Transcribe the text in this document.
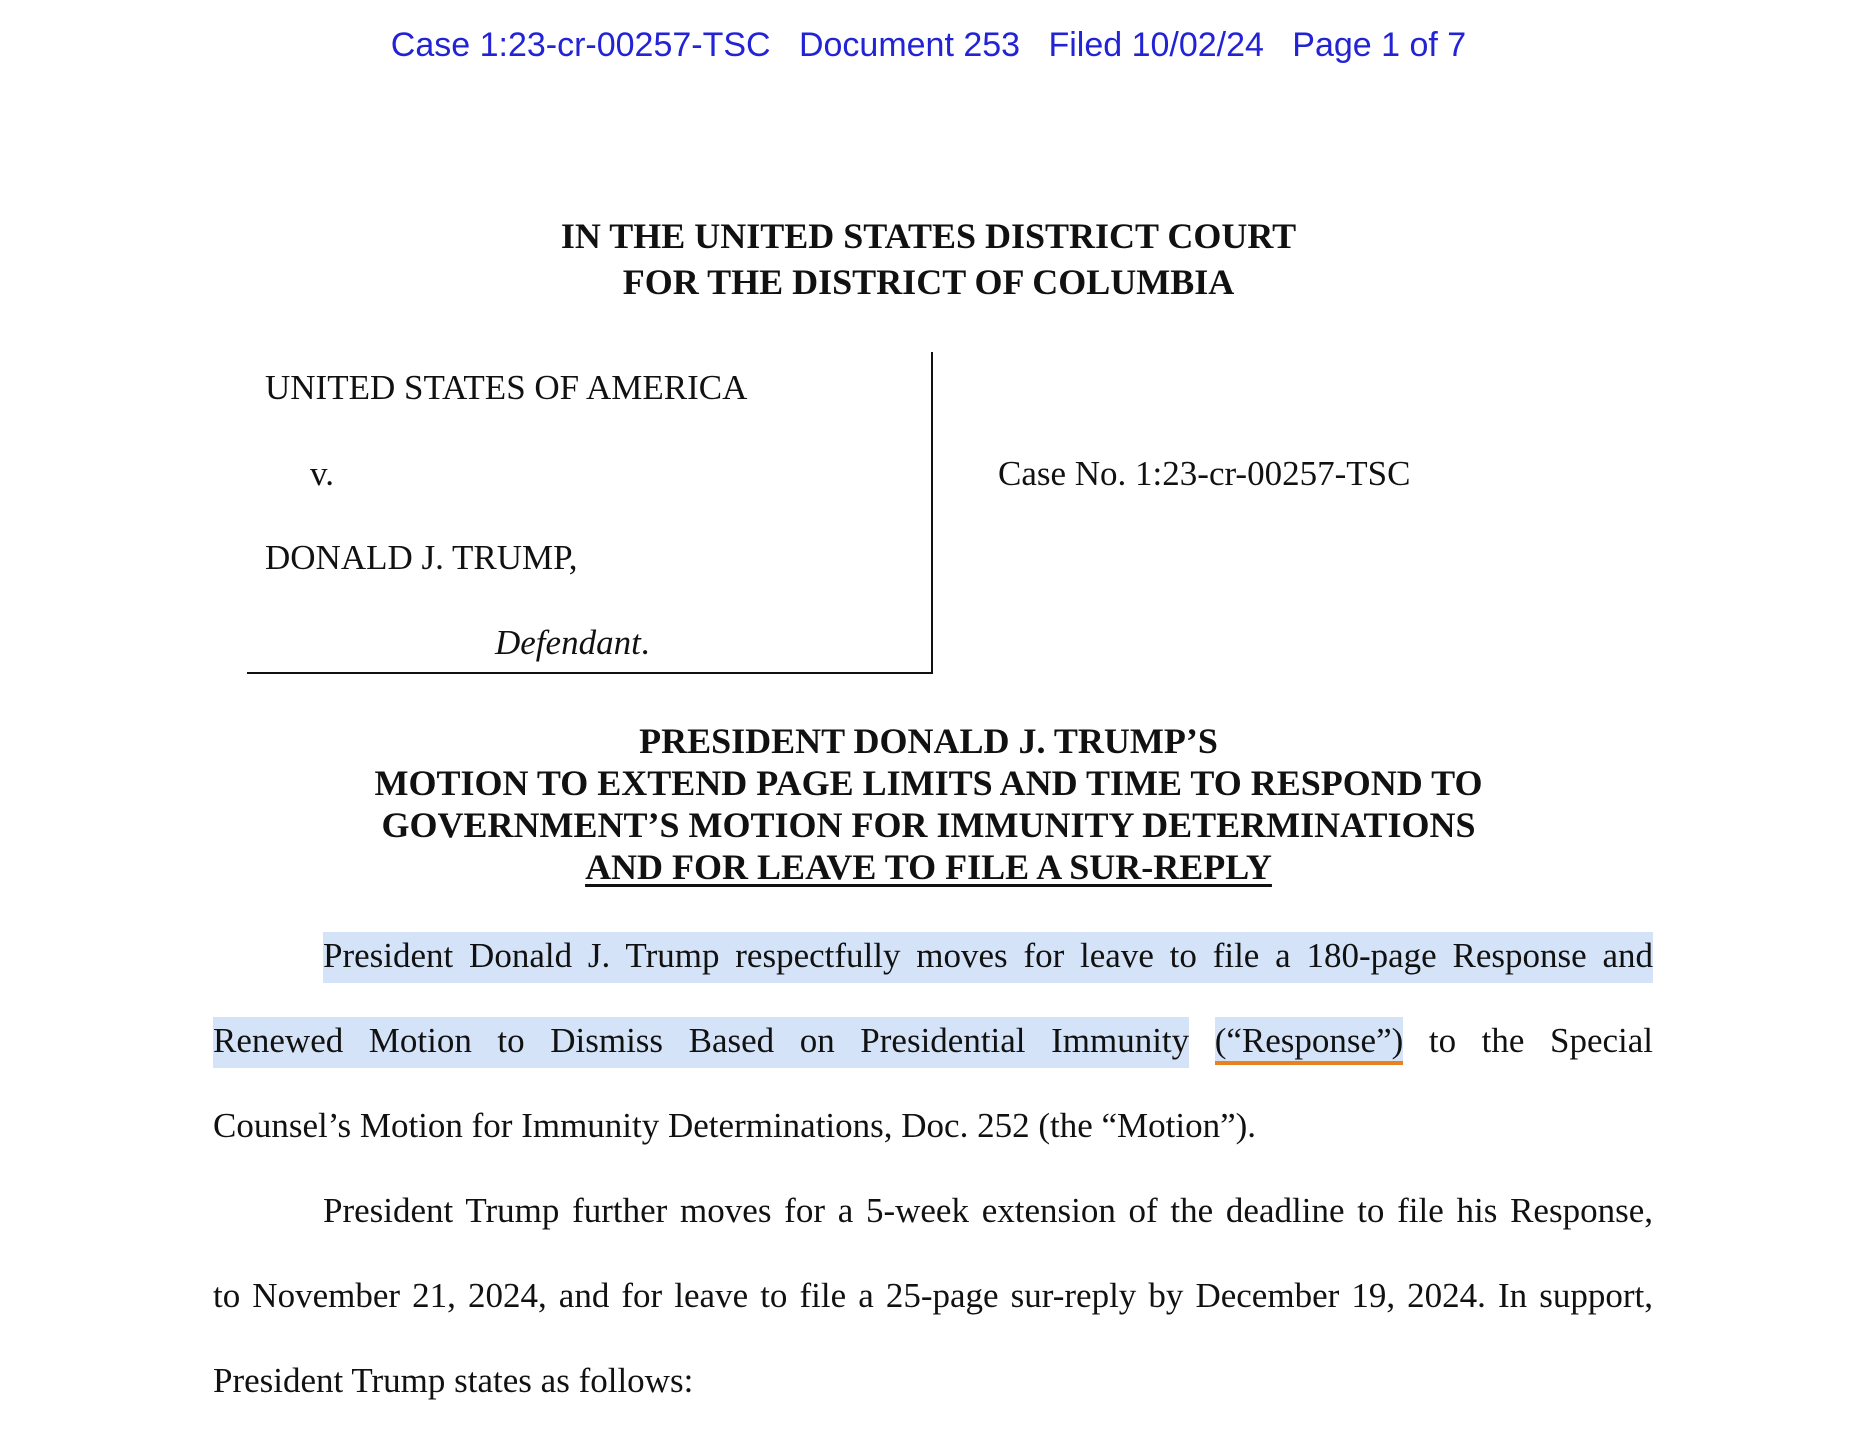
Case 1:23-cr-00257-TSC Document 253 Filed 10/02/24 Page 1 of 7
IN THE UNITED STATES DISTRICT COURT
FOR THE DISTRICT OF COLUMBIA
UNITED STATES OF AMERICA
v.
DONALD J. TRUMP,
Defendant.
Case No. 1:23-cr-00257-TSC
PRESIDENT DONALD J. TRUMP’S
MOTION TO EXTEND PAGE LIMITS AND TIME TO RESPOND TO
GOVERNMENT’S MOTION FOR IMMUNITY DETERMINATIONS
AND FOR LEAVE TO FILE A SUR-REPLY
President Donald J. Trump respectfully moves for leave to file a 180-page Response and
Renewed Motion to Dismiss Based on Presidential Immunity (“Response”) to the Special
Counsel’s Motion for Immunity Determinations, Doc. 252 (the “Motion”).
President Trump further moves for a 5-week extension of the deadline to file his Response,
to November 21, 2024, and for leave to file a 25-page sur-reply by December 19, 2024. In support,
President Trump states as follows:
